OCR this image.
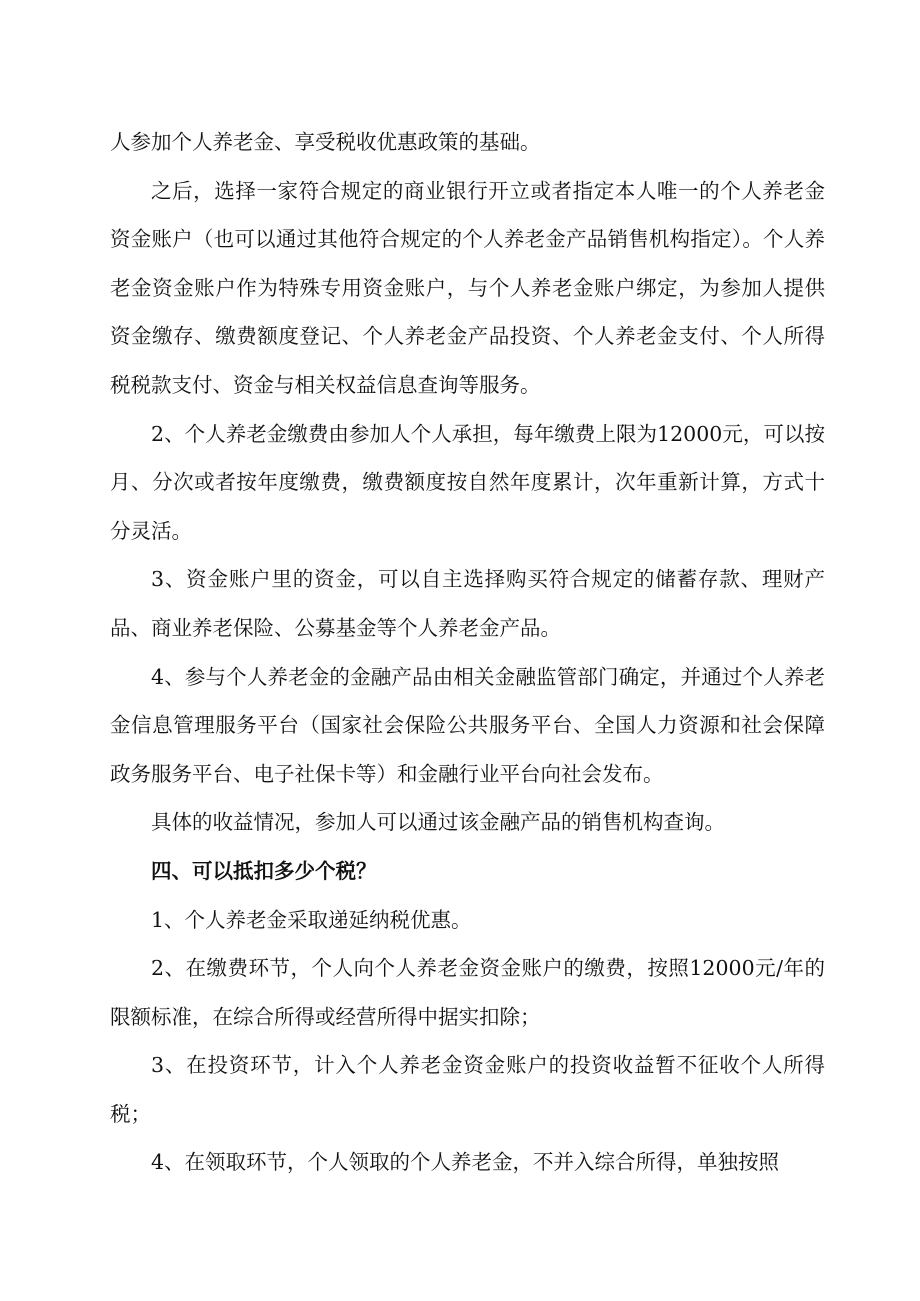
人参加个人养老金、享受税收优惠政策的基础。

之后，选择一家符合规定的商业银行开立或者指定本人唯一的个人养老金资金账户（也可以通过其他符合规定的个人养老金产品销售机构指定）。个人养老金资金账户作为特殊专用资金账户，与个人养老金账户绑定，为参加人提供资金缴存、缴费额度登记、个人养老金产品投资、个人养老金支付、个人所得税税款支付、资金与相关权益信息查询等服务。

2、个人养老金缴费由参加人个人承担，每年缴费上限为12000元，可以按月、分次或者按年度缴费，缴费额度按自然年度累计，次年重新计算，方式十分灵活。

3、资金账户里的资金，可以自主选择购买符合规定的储蓄存款、理财产品、商业养老保险、公募基金等个人养老金产品。

4、参与个人养老金的金融产品由相关金融监管部门确定，并通过个人养老金信息管理服务平台（国家社会保险公共服务平台、全国人力资源和社会保障政务服务平台、电子社保卡等）和金融行业平台向社会发布。

具体的收益情况，参加人可以通过该金融产品的销售机构查询。

四、可以抵扣多少个税？

1、个人养老金采取递延纳税优惠。

2、在缴费环节，个人向个人养老金资金账户的缴费，按照12000元/年的限额标准，在综合所得或经营所得中据实扣除；

3、在投资环节，计入个人养老金资金账户的投资收益暂不征收个人所得税；

4、在领取环节，个人领取的个人养老金，不并入综合所得，单独按照
